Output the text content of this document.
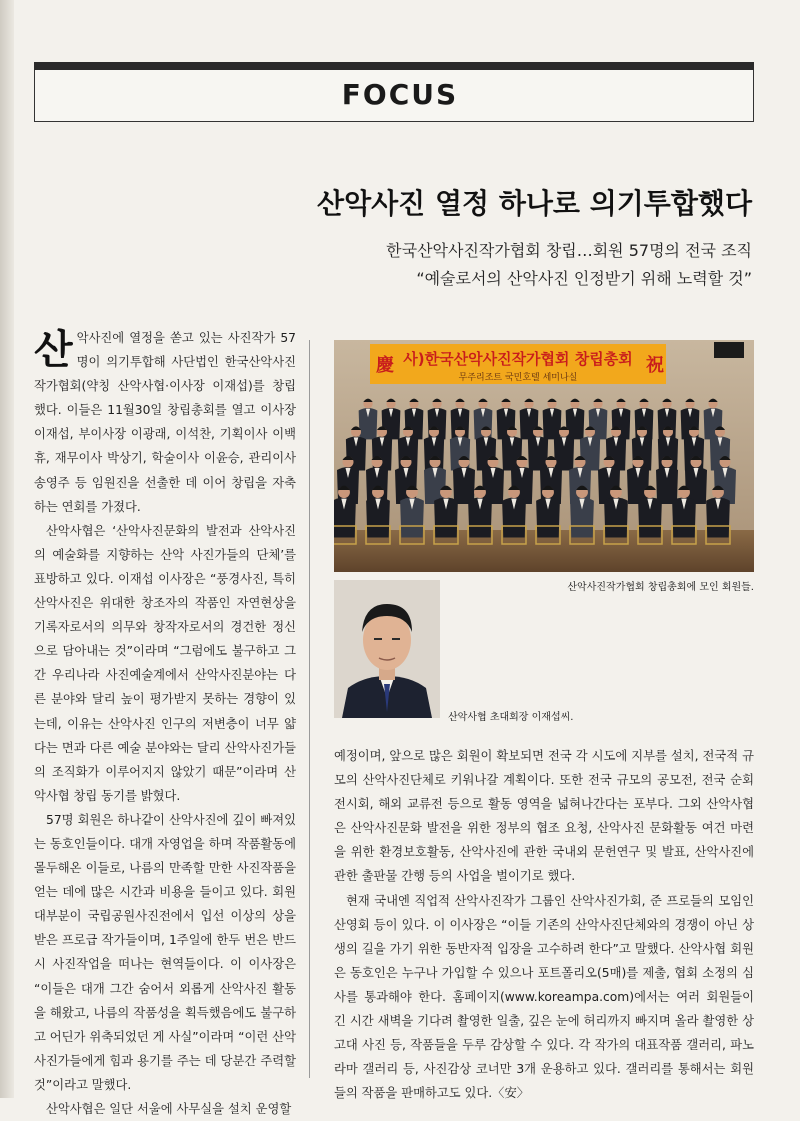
FOCUS
산악사진 열정 하나로 의기투합했다
한국산악사진작가협회 창립…회원 57명의 전국 조직
“예술로서의 산악사진 인정받기 위해 노력할 것”

산 악사진에 열정을 쏟고 있는 사진작가 57명이 의기투합해 사단법인 한국산악사진작가협회(약칭 산악사협·이사장 이재섭)를 창립했다. 이들은 11월30일 창립총회를 열고 이사장 이재섭, 부이사장 이광래, 이석찬, 기획이사 이백휴, 재무이사 박상기, 학술이사 이윤승, 관리이사 송영주 등 임원진을 선출한 데 이어 창립을 자축하는 연회를 가졌다.

산악사협은 ‘산악사진문화의 발전과 산악사진의 예술화를 지향하는 산악 사진가들의 단체’를 표방하고 있다. 이재섭 이사장은 “풍경사진, 특히 산악사진은 위대한 창조자의 작품인 자연현상을 기록자로서의 의무와 창작자로서의 경건한 정신으로 담아내는 것”이라며 “그럼에도 불구하고 그간 우리나라 사진예술계에서 산악사진분야는 다른 분야와 달리 높이 평가받지 못하는 경향이 있는데, 이유는 산악사진 인구의 저변층이 너무 얇다는 면과 다른 예술 분야와는 달리 산악사진가들의 조직화가 이루어지지 않았기 때문”이라며 산악사협 창립 동기를 밝혔다.

57명 회원은 하나같이 산악사진에 깊이 빠져있는 동호인들이다. 대개 자영업을 하며 작품활동에 몰두해온 이들로, 나름의 만족할 만한 사진작품을 얻는 데에 많은 시간과 비용을 들이고 있다. 회원 대부분이 국립공원사진전에서 입선 이상의 상을 받은 프로급 작가들이며, 1주일에 한두 번은 반드시 사진작업을 떠나는 현역들이다. 이 이사장은 “이들은 대개 그간 숨어서 외롭게 산악사진 활동을 해왔고, 나름의 작품성을 획득했음에도 불구하고 어딘가 위축되었던 게 사실”이라며 “이런 산악사진가들에게 힘과 용기를 주는 데 당분간 주력할 것”이라고 말했다.

산악사협은 일단 서울에 사무실을 설치 운영할

慶	祝
사)한국산악사진작가협회 창립총회
무주리조트 국민호텔 세미나실
산악사진작가협회 창립총회에 모인 회원들.
산악사협 초대회장 이재섭씨.

예정이며, 앞으로 많은 회원이 확보되면 전국 각 시도에 지부를 설치, 전국적 규모의 산악사진단체로 키워나갈 계획이다. 또한 전국 규모의 공모전, 전국 순회전시회, 해외 교류전 등으로 활동 영역을 넓혀나간다는 포부다. 그외 산악사협은 산악사진문화 발전을 위한 정부의 협조 요청, 산악사진 문화활동 여건 마련을 위한 환경보호활동, 산악사진에 관한 국내외 문헌연구 및 발표, 산악사진에 관한 출판물 간행 등의 사업을 벌이기로 했다.

현재 국내엔 직업적 산악사진작가 그룹인 산악사진가회, 준 프로들의 모임인 산영회 등이 있다. 이 이사장은 “이들 기존의 산악사진단체와의 경쟁이 아닌 상생의 길을 가기 위한 동반자적 입장을 고수하려 한다”고 말했다. 산악사협 회원은 동호인은 누구나 가입할 수 있으나 포트폴리오(5매)를 제출, 협회 소정의 심사를 통과해야 한다. 홈페이지(www.koreampa.com)에서는 여러 회원들이 긴 시간 새벽을 기다려 촬영한 일출, 깊은 눈에 허리까지 빠지며 올라 촬영한 상고대 사진 등, 작품들을 두루 감상할 수 있다. 각 작가의 대표작품 갤러리, 파노라마 갤러리 등, 사진감상 코너만 3개 운용하고 있다. 갤러리를 통해서는 회원들의 작품을 판매하고도 있다.〈安〉
